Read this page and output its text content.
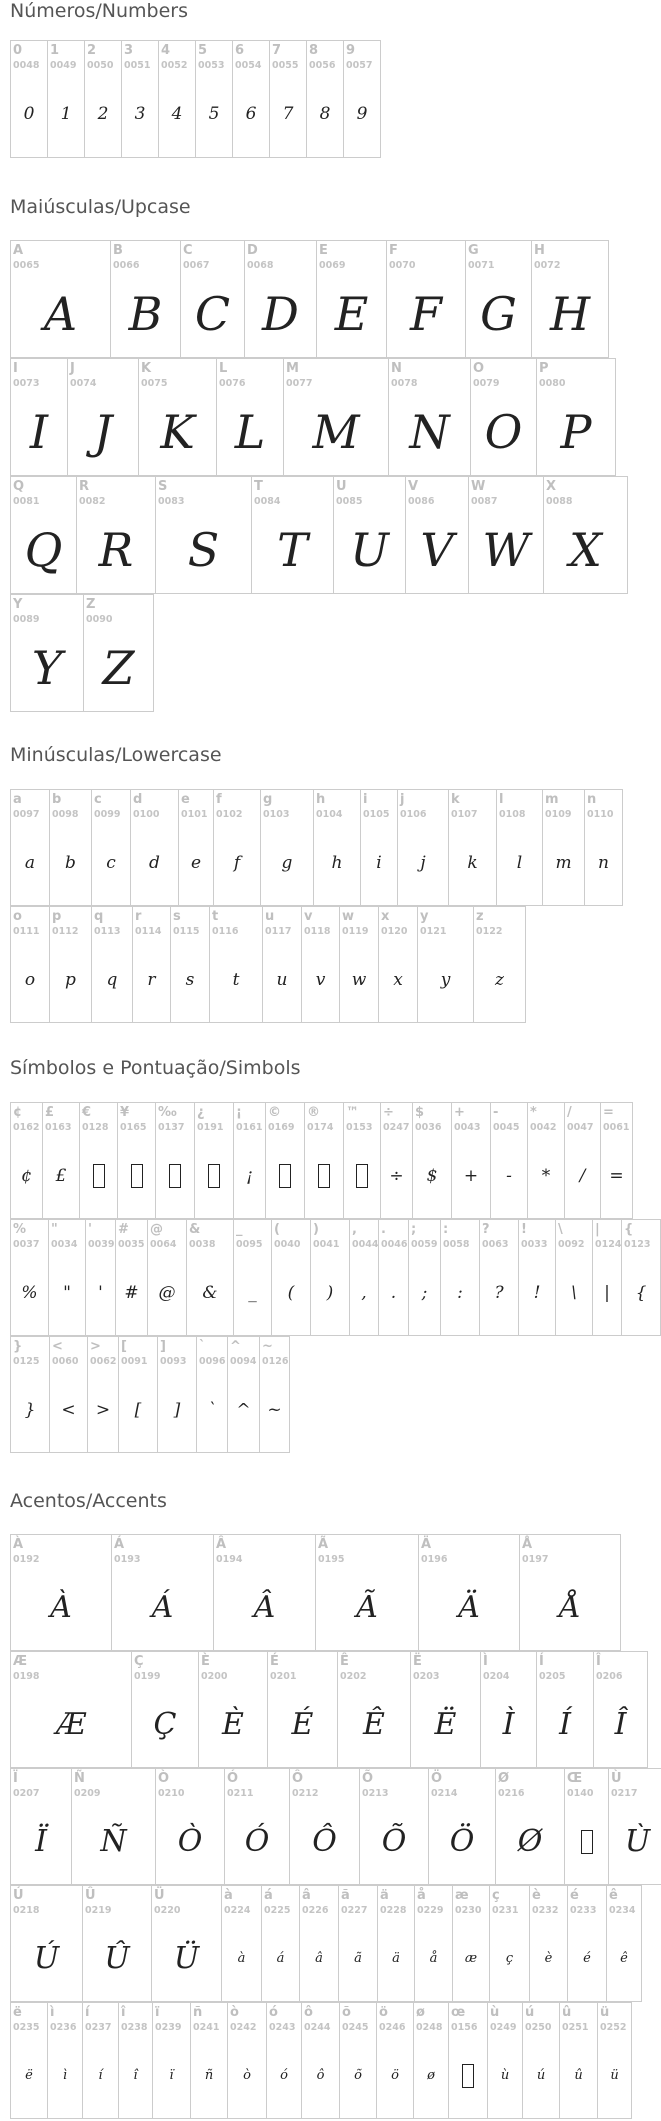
Números/Numbers
0
0048
0
1
0049
1
2
0050
2
3
0051
3
4
0052
4
5
0053
5
6
0054
6
7
0055
7
8
0056
8
9
0057
9
Maiúsculas/Upcase
A
0065
A
B
0066
B
C
0067
C
D
0068
D
E
0069
E
F
0070
F
G
0071
G
H
0072
H
I
0073
I
J
0074
J
K
0075
K
L
0076
L
M
0077
M
N
0078
N
O
0079
O
P
0080
P
Q
0081
Q
R
0082
R
S
0083
S
T
0084
T
U
0085
U
V
0086
V
W
0087
W
X
0088
X
Y
0089
Y
Z
0090
Z
Minúsculas/Lowercase
a
0097
a
b
0098
b
c
0099
c
d
0100
d
e
0101
e
f
0102
f
g
0103
g
h
0104
h
i
0105
i
j
0106
j
k
0107
k
l
0108
l
m
0109
m
n
0110
n
o
0111
o
p
0112
p
q
0113
q
r
0114
r
s
0115
s
t
0116
t
u
0117
u
v
0118
v
w
0119
w
x
0120
x
y
0121
y
z
0122
z
Símbolos e Pontuação/Simbols
¢
0162
¢
£
0163
£
€
0128
¥
0165
‰
0137
¿
0191
¡
0161
¡
©
0169
®
0174
™
0153
÷
0247
÷
$
0036
$
+
0043
+
-
0045
-
*
0042
*
/
0047
/
=
0061
=
%
0037
%
"
0034
"
'
0039
'
#
0035
#
@
0064
@
&
0038
&
_
0095
_
(
0040
(
)
0041
)
,
0044
,
.
0046
.
;
0059
;
:
0058
:
?
0063
?
!
0033
!
\
0092
\
|
0124
|
{
0123
{
}
0125
}
<
0060
<
>
0062
>
[
0091
[
]
0093
]
`
0096
`
^
0094
^
~
0126
~
Acentos/Accents
À
0192
À
Á
0193
Á
Â
0194
Â
Ã
0195
Ã
Ä
0196
Ä
Å
0197
Å
Æ
0198
Æ
Ç
0199
Ç
È
0200
È
É
0201
É
Ê
0202
Ê
Ë
0203
Ë
Ì
0204
Ì
Í
0205
Í
Î
0206
Î
Ï
0207
Ï
Ñ
0209
Ñ
Ò
0210
Ò
Ó
0211
Ó
Ô
0212
Ô
Õ
0213
Õ
Ö
0214
Ö
Ø
0216
Ø
Œ
0140
Ù
0217
Ù
Ú
0218
Ú
Û
0219
Û
Ü
0220
Ü
à
0224
à
á
0225
á
â
0226
â
ã
0227
ã
ä
0228
ä
å
0229
å
æ
0230
æ
ç
0231
ç
è
0232
è
é
0233
é
ê
0234
ê
ë
0235
ë
ì
0236
ì
í
0237
í
î
0238
î
ï
0239
ï
ñ
0241
ñ
ò
0242
ò
ó
0243
ó
ô
0244
ô
õ
0245
õ
ö
0246
ö
ø
0248
ø
œ
0156
ù
0249
ù
ú
0250
ú
û
0251
û
ü
0252
ü
